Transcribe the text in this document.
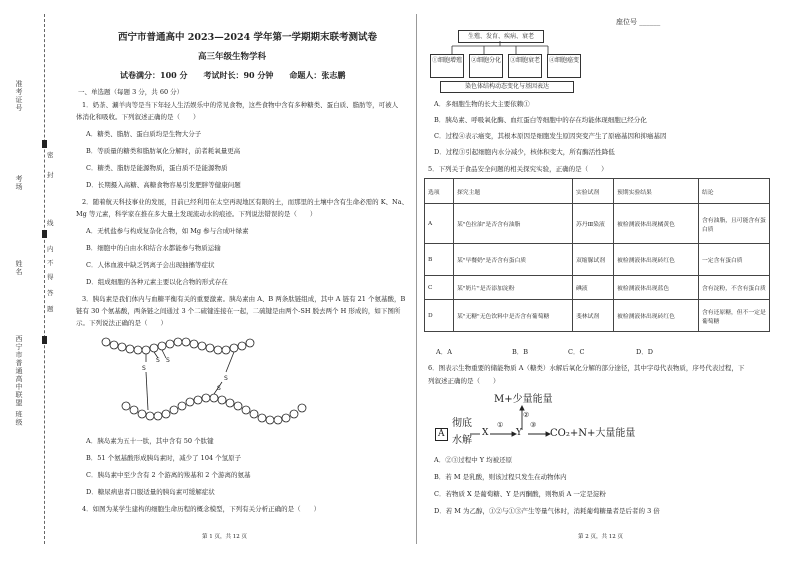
准考证号
考场
姓名
西宁市普通高中联盟 班级
密
封
线
内
不
得
答
题
座位号 ______
西宁市普通高中 2023—2024 学年第一学期期末联考测试卷
高三年级生物学科
试卷满分：100 分　　考试时长：90 分钟　　命题人：张志鹏
一、单选题（每题 3 分，共 60 分）
1．奶茶、涮羊肉等是当下年轻人生活娱乐中的常见食物，这些食物中含有多种糖类、蛋白质、脂肪等，可被人
体消化和吸收。下列叙述正确的是（　　）
A．糖类、脂肪、蛋白质均是生物大分子
B．等质量的糖类和脂肪氧化分解时，前者耗氧量更高
C．糖类、脂肪是能源物质，蛋白质不是能源物质
D．长期摄入高糖、高糖食物容易引发肥胖等健康问题
2．随着航天科技事业的发展，目前已经利用在太空再现地区有限的土，而那里的土壤中含有生命必需的 K、Na、
Mg 等元素，科学家在推在多大量土发现流动水的痕迹。下列说法错误的是（　　）
A．无机盐参与构成复杂化合物，如 Mg 参与合成叶绿素
B．细胞中的自由水和结合水都能参与物质运输
C．人体血液中缺乏钙离子会出现抽搐等症状
D．组成细胞的各种元素主要以化合物的形式存在
3．胰岛素是我们体内与血糖平衡有关的重要激素。胰岛素由 A、B 两条肽链组成，其中 A 链有 21 个氨基酸，B
链有 30 个氨基酸，两条链之间通过 3 个二硫键连接在一起，二硫键是由两个-SH 脱去两个 H 形成的，如下图所
示。下列说法正确的是（　　）
S
S S
S
S
A．胰岛素为五十一肽，其中含有 50 个肽键
B．51 个氨基酸形成胰岛素时，减少了 104 个氢原子
C．胰岛素中至少含有 2 个游离的羧基和 2 个游离的氨基
D．糖尿病患者口服适量的胰岛素可缓解症状
4．如图为某学生建构的细胞生命历程的概念模型，下列有关分析正确的是（　　）
第 1 页，共 12 页
生殖、发育、疾病、衰老
①细胞增殖	②细胞分化	③细胞衰老	④细胞癌变
染色体结构动态变化与基因表达
A．多细胞生物的长大主要依赖①
B．胰岛素、呼吸氧化酶、血红蛋白等细胞中的存在均能体现细胞已经分化
C．过程④表示癌变，其根本原因是细胞发生原因突变产生了原癌基因和抑癌基因
D．过程③引起细胞内水分减少，核体积变大，所有酶活性降低
5．下列关于食品安全问题的相关探究实验，正确的是（　　）
选项	探究主题	实验试剂	预期实验结果	结论
A	某"色拉油"是否含有油脂	苏丹Ⅲ染液	被检测液体出现橘黄色	含有油脂，且可能含有蛋白质
B	某"早餐奶"是否含有蛋白质	双缩脲试剂	被检测液体出现砖红色	一定含有蛋白质
C	某"奶片"是否添加淀粉	碘液	被检测液体出现蓝色	含有淀粉，不含有蛋白质
D	某"无糖"无色饮料中是否含有葡萄糖	斐林试剂	被检测液体出现砖红色	含有还原糖，但不一定是葡萄糖
A．A	B．B	C．C	D．D
6．图表示生物重要的储能物质 A（糖类）水解后氧化分解的部分途径，其中字母代表物质，序号代表过程，下
列叙述正确的是（　　）
M+少量能量
A
彻底
水解
X
①
Y
②
③
CO₂+N+大量能量
A．②③过程中 Y 均被还原
B．若 M 是乳酸，则该过程只发生在动物体内
C．若物质 X 是葡萄糖、Y 是丙酮酸，则物质 A 一定是淀粉
D．若 M 为乙醇，①②与①③产生等量气体时，消耗葡萄糖量者是后者的 3 倍
第 2 页，共 12 页
